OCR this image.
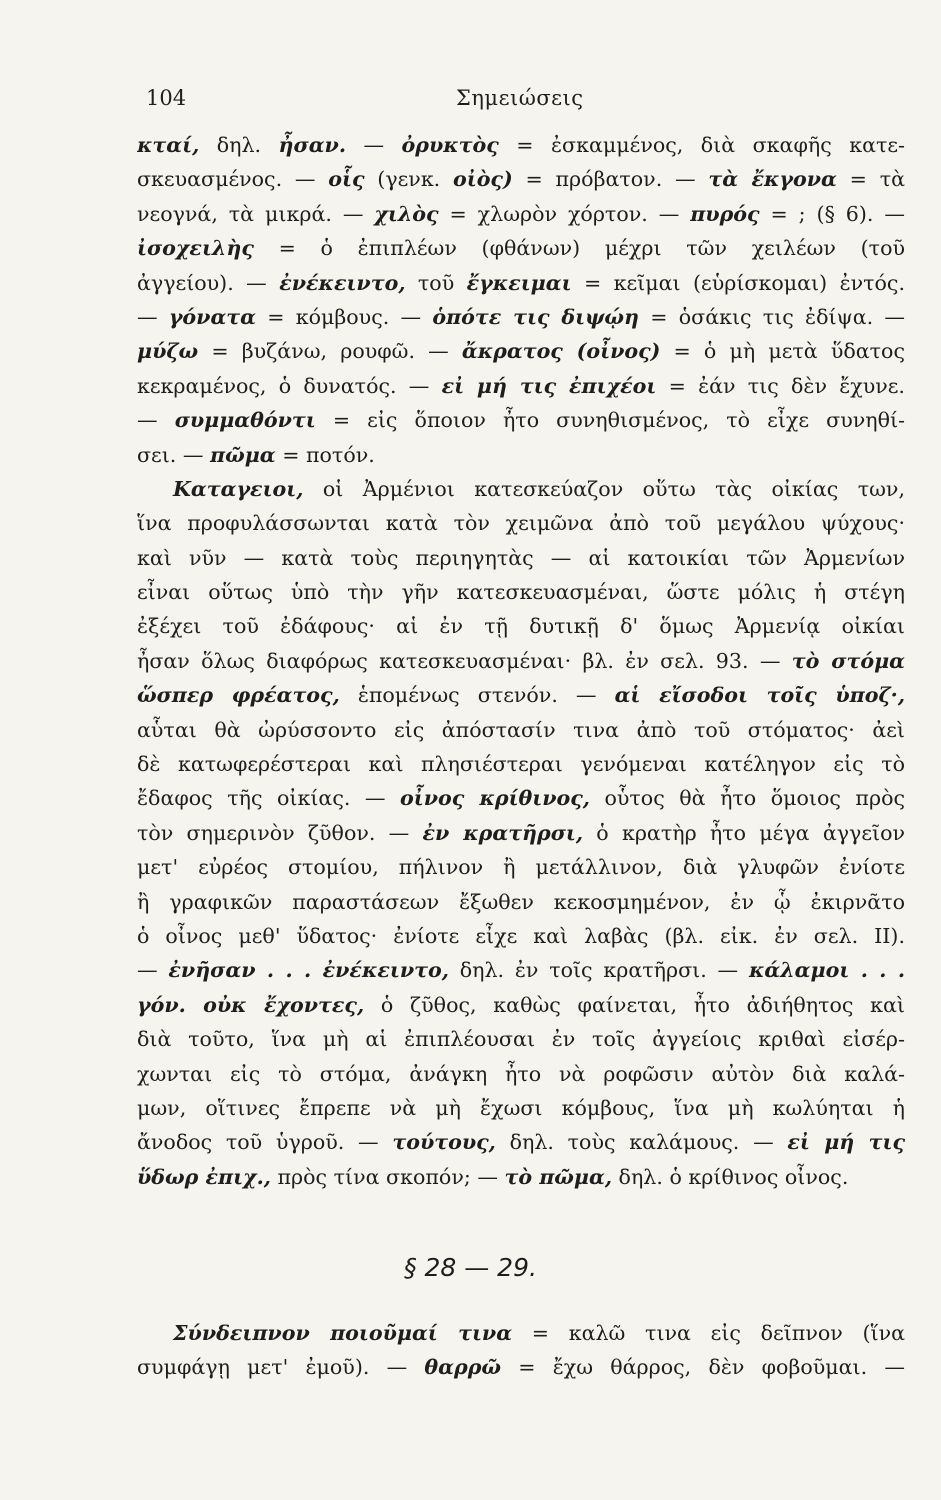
104	Σημειώσεις
κταί, δηλ. ἦσαν. — ὀρυκτὸς = ἐσκαμμένος, διὰ σκαφῆς κατε-
σκευασμένος. — οἷς (γενκ. οἰὸς) = πρόβατον. — τὰ ἔκγονα = τὰ
νεογνά, τὰ μικρά. — χιλὸς = χλωρὸν χόρτον. — πυρός = ; (§ 6). —
ἰσοχειλὴς = ὁ ἐπιπλέων (φθάνων) μέχρι τῶν χειλέων (τοῦ
ἀγγείου). — ἐνέκειντο, τοῦ ἔγκειμαι = κεῖμαι (εὑρίσκομαι) ἐντός.
— γόνατα = κόμβους. — ὁπότε τις διψῴη = ὁσάκις τις ἐδίψα. —
μύζω = βυζάνω, ρουφῶ. — ἄκρατος (οἶνος) = ὁ μὴ μετὰ ὕδατος
κεκραμένος, ὁ δυνατός. — εἰ μή τις ἐπιχέοι = ἐάν τις δὲν ἔχυνε.
— συμμαθόντι = εἰς ὅποιον ἦτο συνηθισμένος, τὸ εἶχε συνηθί-
σει. — πῶμα = ποτόν.
Καταγειοι, οἱ Ἀρμένιοι κατεσκεύαζον οὕτω τὰς οἰκίας των,
ἵνα προφυλάσσωνται κατὰ τὸν χειμῶνα ἀπὸ τοῦ μεγάλου ψύχους·
καὶ νῦν — κατὰ τοὺς περιηγητὰς — αἱ κατοικίαι τῶν Ἀρμενίων
εἶναι οὕτως ὑπὸ τὴν γῆν κατεσκευασμέναι, ὥστε μόλις ἡ στέγη
ἐξέχει τοῦ ἐδάφους· αἱ ἐν τῇ δυτικῇ δ' ὅμως Ἀρμενίᾳ οἰκίαι
ἦσαν ὅλως διαφόρως κατεσκευασμέναι· βλ. ἐν σελ. 93. — τὸ στόμα
ὥσπερ φρέατος, ἑπομένως στενόν. — αἱ εἴσοδοι τοῖς ὑποζ·,
αὗται θὰ ὠρύσσοντο εἰς ἀπόστασίν τινα ἀπὸ τοῦ στόματος· ἀεὶ
δὲ κατωφερέστεραι καὶ πλησιέστεραι γενόμεναι κατέληγον εἰς τὸ
ἔδαφος τῆς οἰκίας. — οἶνος κρίθινος, οὗτος θὰ ἦτο ὅμοιος πρὸς
τὸν σημερινὸν ζῦθον. — ἐν κρατῆρσι, ὁ κρατὴρ ἦτο μέγα ἀγγεῖον
μετ' εὐρέος στομίου, πήλινον ἢ μετάλλινον, διὰ γλυφῶν ἐνίοτε
ἢ γραφικῶν παραστάσεων ἔξωθεν κεκοσμημένον, ἐν ᾧ ἐκιρνᾶτο
ὁ οἶνος μεθ' ὕδατος· ἐνίοτε εἶχε καὶ λαβὰς (βλ. εἰκ. ἐν σελ. II).
— ἐνῆσαν . . . ἐνέκειντο, δηλ. ἐν τοῖς κρατῆρσι. — κάλαμοι . . .
γόν. οὐκ ἔχοντες, ὁ ζῦθος, καθὼς φαίνεται, ἦτο ἀδιήθητος καὶ
διὰ τοῦτο, ἵνα μὴ αἱ ἐπιπλέουσαι ἐν τοῖς ἀγγείοις κριθαὶ εἰσέρ-
χωνται εἰς τὸ στόμα, ἀνάγκη ἦτο νὰ ροφῶσιν αὐτὸν διὰ καλά-
μων, οἵτινες ἔπρεπε νὰ μὴ ἔχωσι κόμβους, ἵνα μὴ κωλύηται ἡ
ἄνοδος τοῦ ὑγροῦ. — τούτους, δηλ. τοὺς καλάμους. — εἰ μή τις
ὕδωρ ἐπιχ., πρὸς τίνα σκοπόν; — τὸ πῶμα, δηλ. ὁ κρίθινος οἶνος.
§ 28 — 29.
Σύνδειπνον ποιοῦμαί τινα = καλῶ τινα εἰς δεῖπνον (ἵνα
συμφάγῃ μετ' ἐμοῦ). — θαρρῶ = ἔχω θάρρος, δὲν φοβοῦμαι. —
